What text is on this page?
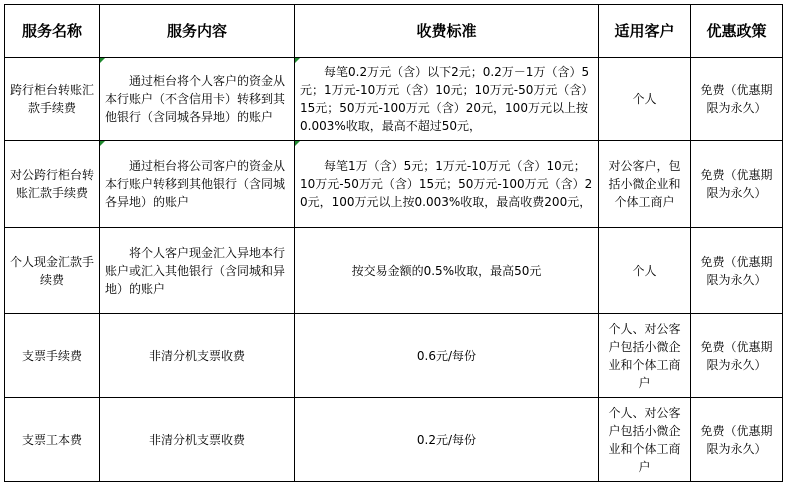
服务名称	服务内容	收费标准	适用客户	优惠政策
跨行柜台转账汇款手续费	通过柜台将个人客户的资金从本行账户（不含信用卡）转移到其他银行（含同城各异地）的账户	每笔0.2万元（含）以下2元；0.2万－1万（含）5元；1万元-10万元（含）10元；10万元-50万元（含）15元；50万元-100万元（含）20元，100万元以上按0.003%收取，最高不超过50元，	个人	免费（优惠期限为永久）
对公跨行柜台转账汇款手续费	通过柜台将公司客户的资金从本行账户转移到其他银行（含同城各异地）的账户	每笔1万（含）5元；1万元-10万元（含）10元；10万元-50万元（含）15元；50万元-100万元（含）20元，100万元以上按0.003%收取，最高收费200元，	对公客户，包括小微企业和个体工商户	免费（优惠期限为永久）
个人现金汇款手续费	将个人客户现金汇入异地本行账户或汇入其他银行（含同城和异地）的账户	按交易金额的0.5%收取，最高50元	个人	免费（优惠期限为永久）
支票手续费	非清分机支票收费	0.6元/每份	个人、对公客户包括小微企业和个体工商户	免费（优惠期限为永久）
支票工本费	非清分机支票收费	0.2元/每份	个人、对公客户包括小微企业和个体工商户	免费（优惠期限为永久）
